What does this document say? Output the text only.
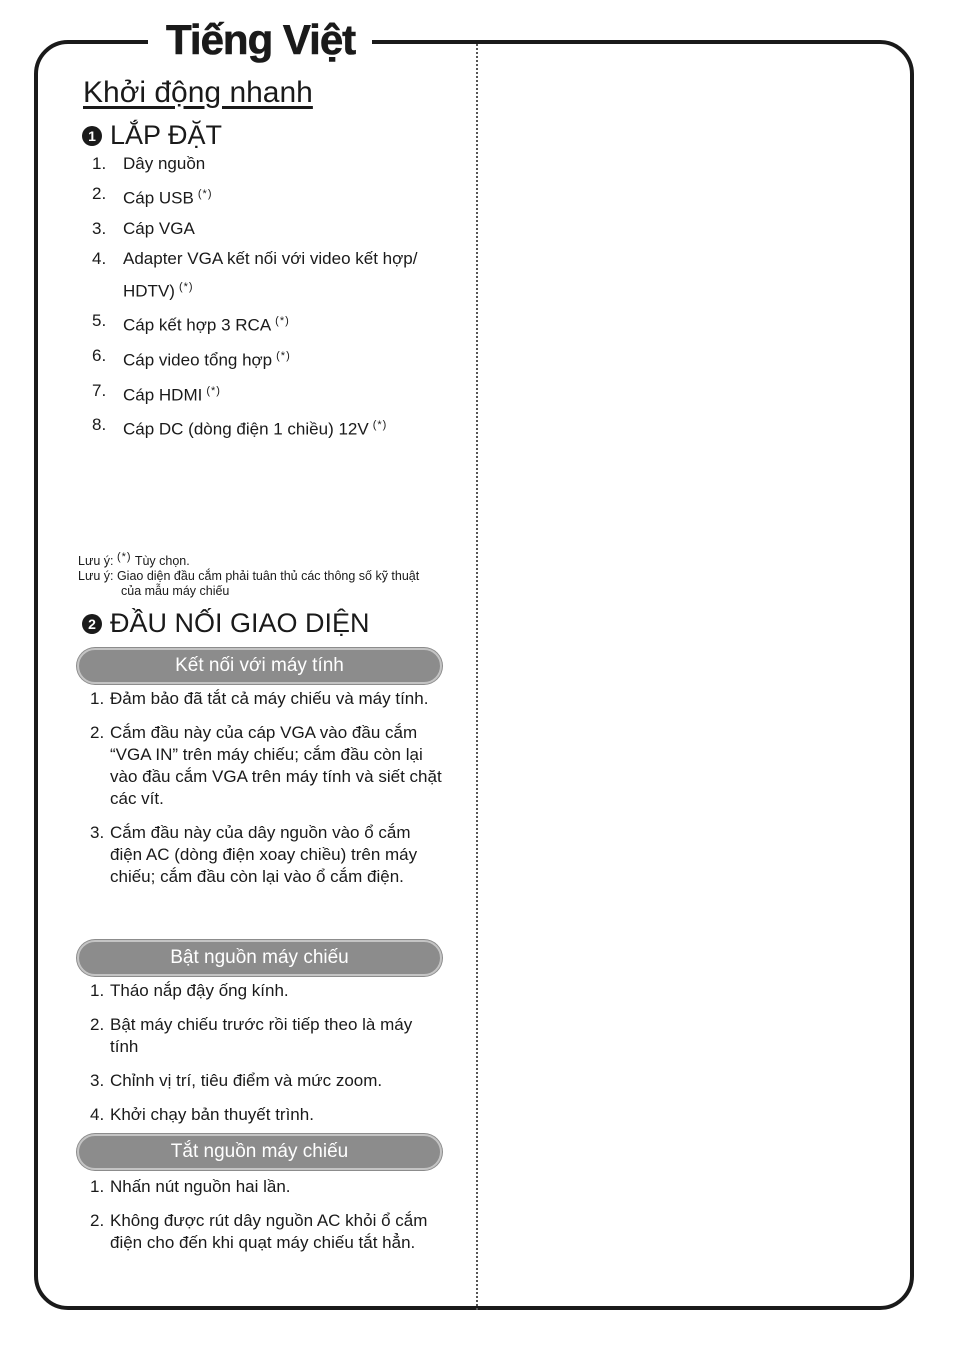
Tiếng Việt
Khởi động nhanh
1 LẮP ĐẶT
1. Dây nguồn
2. Cáp USB (*)
3. Cáp VGA
4. Adapter VGA kết nối với video kết hợp/ HDTV) (*)
5. Cáp kết hợp 3 RCA (*)
6. Cáp video tổng hợp (*)
7. Cáp HDMI (*)
8. Cáp DC (dòng điện 1 chiều) 12V (*)
Lưu ý: (*) Tùy chọn.
Lưu ý: Giao diện đầu cắm phải tuân thủ các thông số kỹ thuật
của mẫu máy chiếu
2 ĐẦU NỐI GIAO DIỆN
Kết nối với máy tính
1. Đảm bảo đã tắt cả máy chiếu và máy tính.
2. Cắm đầu này của cáp VGA vào đầu cắm “VGA IN” trên máy chiếu; cắm đầu còn lại vào đầu cắm VGA trên máy tính và siết chặt các vít.
3. Cắm đầu này của dây nguồn vào ổ cắm điện AC (dòng điện xoay chiều) trên máy chiếu; cắm đầu còn lại vào ổ cắm điện.
Bật nguồn máy chiếu
1. Tháo nắp đậy ống kính.
2. Bật máy chiếu trước rồi tiếp theo là máy tính
3. Chỉnh vị trí, tiêu điểm và mức zoom.
4. Khởi chạy bản thuyết trình.
Tắt nguồn máy chiếu
1. Nhấn nút nguồn hai lần.
2. Không được rút dây nguồn AC khỏi ổ cắm điện cho đến khi quạt máy chiếu tắt hẳn.
